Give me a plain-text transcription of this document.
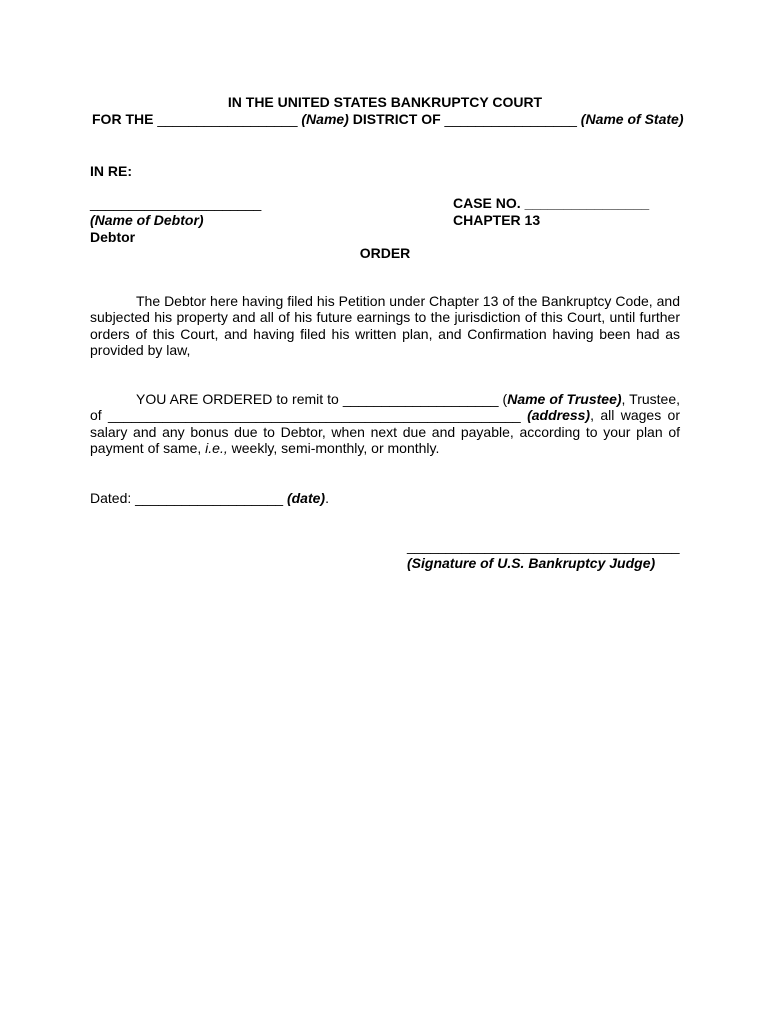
IN THE UNITED STATES BANKRUPTCY COURT
FOR THE __________________ (Name) DISTRICT OF _________________ (Name of State)
IN RE:
______________________	CASE NO. ________________
(Name of Debtor)	CHAPTER 13
Debtor
ORDER
The Debtor here having filed his Petition under Chapter 13 of the Bankruptcy Code, and subjected his property and all of his future earnings to the jurisdiction of this Court, until further orders of this Court, and having filed his written plan, and Confirmation having been had as provided by law,
YOU ARE ORDERED to remit to ____________________ (Name of Trustee), Trustee, of _____________________________________________________ (address), all wages or salary and any bonus due to Debtor, when next due and payable, according to your plan of payment of same, i.e., weekly, semi-monthly, or monthly.
Dated: ___________________ (date).
___________________________________
(Signature of U.S. Bankruptcy Judge)
